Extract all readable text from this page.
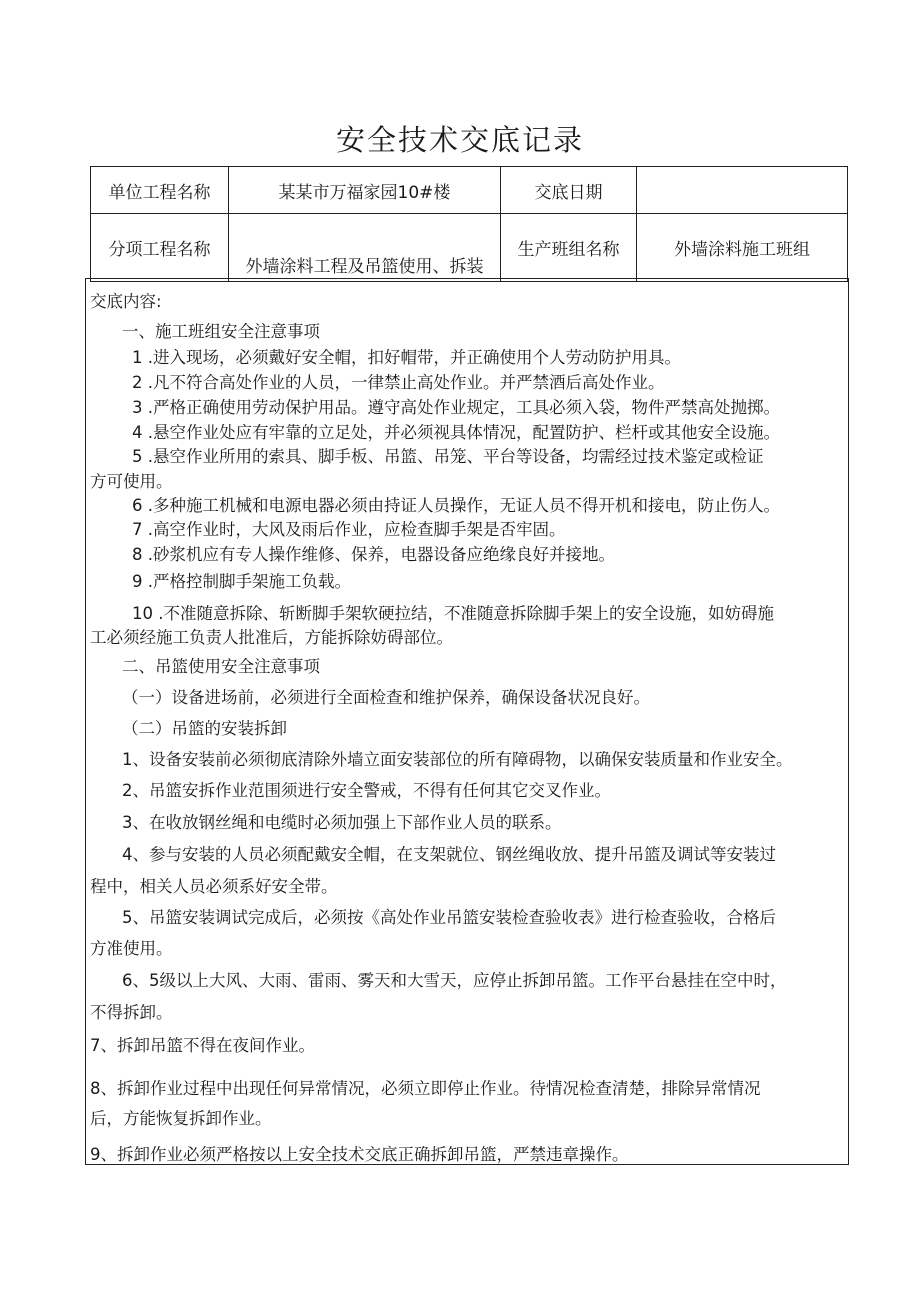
安全技术交底记录
单位工程名称	某某市万福家园10#楼	交底日期	
分项工程名称	外墙涂料工程及吊篮使用、拆装	生产班组名称	外墙涂料施工班组
交底内容:
一、施工班组安全注意事项
1 .进入现场，必须戴好安全帽，扣好帽带，并正确使用个人劳动防护用具。
2 .凡不符合高处作业的人员，一律禁止高处作业。并严禁酒后高处作业。
3 .严格正确使用劳动保护用品。遵守高处作业规定，工具必须入袋，物件严禁高处抛掷。
4 .悬空作业处应有牢靠的立足处，并必须视具体情况，配置防护、栏杆或其他安全设施。
5 .悬空作业所用的索具、脚手板、吊篮、吊笼、平台等设备，均需经过技术鉴定或检证
方可使用。
6 .多种施工机械和电源电器必须由持证人员操作，无证人员不得开机和接电，防止伤人。
7 .高空作业时，大风及雨后作业，应检查脚手架是否牢固。
8 .砂浆机应有专人操作维修、保养，电器设备应绝缘良好并接地。
9 .严格控制脚手架施工负载。
10 .不准随意拆除、斩断脚手架软硬拉结，不准随意拆除脚手架上的安全设施，如妨碍施
工必须经施工负责人批准后，方能拆除妨碍部位。
二、吊篮使用安全注意事项
（一）设备进场前，必须进行全面检查和维护保养，确保设备状况良好。
（二）吊篮的安装拆卸
1、设备安装前必须彻底清除外墙立面安装部位的所有障碍物，以确保安装质量和作业安全。
2、吊篮安拆作业范围须进行安全警戒，不得有任何其它交叉作业。
3、在收放钢丝绳和电缆时必须加强上下部作业人员的联系。
4、参与安装的人员必须配戴安全帽，在支架就位、钢丝绳收放、提升吊篮及调试等安装过
程中，相关人员必须系好安全带。
5、吊篮安装调试完成后，必须按《高处作业吊篮安装检查验收表》进行检查验收，合格后
方准使用。
6、5级以上大风、大雨、雷雨、雾天和大雪天，应停止拆卸吊篮。工作平台悬挂在空中时，
不得拆卸。
7、拆卸吊篮不得在夜间作业。
8、拆卸作业过程中出现任何异常情况，必须立即停止作业。待情况检查清楚，排除异常情况
后，方能恢复拆卸作业。
9、拆卸作业必须严格按以上安全技术交底正确拆卸吊篮，严禁违章操作。
